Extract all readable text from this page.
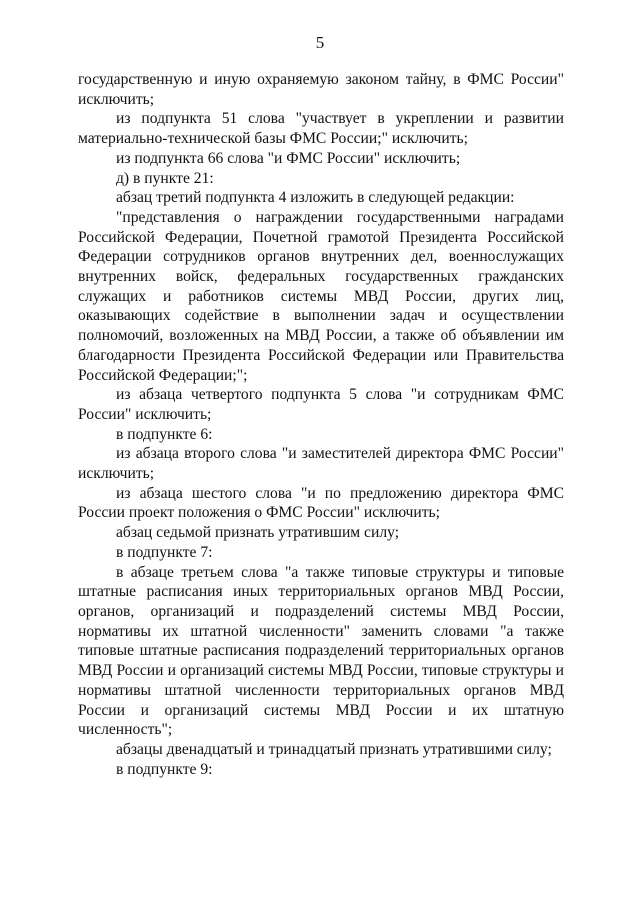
5

государственную и иную охраняемую законом тайну, в ФМС России" исключить;

из подпункта 51 слова "участвует в укреплении и развитии материально-технической базы ФМС России;" исключить;

из подпункта 66 слова "и ФМС России" исключить;

д) в пункте 21:

абзац третий подпункта 4 изложить в следующей редакции:

"представления о награждении государственными наградами Российской Федерации, Почетной грамотой Президента Российской Федерации сотрудников органов внутренних дел, военнослужащих внутренних войск, федеральных государственных гражданских служащих и работников системы МВД России, других лиц, оказывающих содействие в выполнении задач и осуществлении полномочий, возложенных на МВД России, а также об объявлении им благодарности Президента Российской Федерации или Правительства Российской Федерации;";

из абзаца четвертого подпункта 5 слова "и сотрудникам ФМС России" исключить;

в подпункте 6:

из абзаца второго слова "и заместителей директора ФМС России" исключить;

из абзаца шестого слова "и по предложению директора ФМС России проект положения о ФМС России" исключить;

абзац седьмой признать утратившим силу;

в подпункте 7:

в абзаце третьем слова "а также типовые структуры и типовые штатные расписания иных территориальных органов МВД России, органов, организаций и подразделений системы МВД России, нормативы их штатной численности" заменить словами "а также типовые штатные расписания подразделений территориальных органов МВД России и организаций системы МВД России, типовые структуры и нормативы штатной численности территориальных органов МВД России и организаций системы МВД России и их штатную численность";

абзацы двенадцатый и тринадцатый признать утратившими силу;

в подпункте 9:
